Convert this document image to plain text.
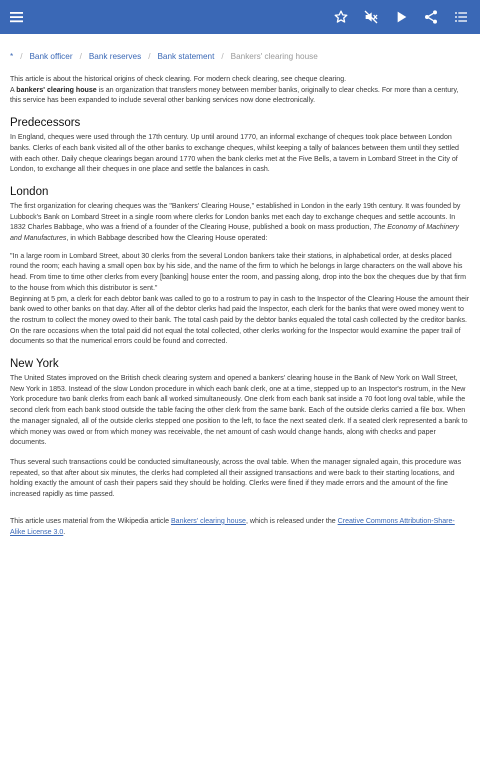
* / Bank officer / Bank reserves / Bank statement / Bankers' clearing house

This article is about the historical origins of check clearing. For modern check clearing, see cheque clearing.

A bankers' clearing house is an organization that transfers money between member banks, originally to clear checks. For more than a century, this service has been expanded to include several other banking services now done electronically.

Predecessors

In England, cheques were used through the 17th century. Up until around 1770, an informal exchange of cheques took place between London banks. Clerks of each bank visited all of the other banks to exchange cheques, whilst keeping a tally of balances between them until they settled with each other. Daily cheque clearings began around 1770 when the bank clerks met at the Five Bells, a tavern in Lombard Street in the City of London, to exchange all their cheques in one place and settle the balances in cash.

London

The first organization for clearing cheques was the "Bankers' Clearing House," established in London in the early 19th century. It was founded by Lubbock's Bank on Lombard Street in a single room where clerks for London banks met each day to exchange cheques and settle accounts. In 1832 Charles Babbage, who was a friend of a founder of the Clearing House, published a book on mass production, The Economy of Machinery and Manufactures, in which Babbage described how the Clearing House operated:

"In a large room in Lombard Street, about 30 clerks from the several London bankers take their stations, in alphabetical order, at desks placed round the room; each having a small open box by his side, and the name of the firm to which he belongs in large characters on the wall above his head. From time to time other clerks from every [banking] house enter the room, and passing along, drop into the box the cheques due by that firm to the house from which this distributor is sent."

Beginning at 5 pm, a clerk for each debtor bank was called to go to a rostrum to pay in cash to the Inspector of the Clearing House the amount their bank owed to other banks on that day. After all of the debtor clerks had paid the Inspector, each clerk for the banks that were owed money went to the rostrum to collect the money owed to their bank. The total cash paid by the debtor banks equaled the total cash collected by the creditor banks. On the rare occasions when the total paid did not equal the total collected, other clerks working for the Inspector would examine the paper trail of documents so that the numerical errors could be found and corrected.

New York

The United States improved on the British check clearing system and opened a bankers' clearing house in the Bank of New York on Wall Street, New York in 1853. Instead of the slow London procedure in which each bank clerk, one at a time, stepped up to an Inspector's rostrum, in the New York procedure two bank clerks from each bank all worked simultaneously. One clerk from each bank sat inside a 70 foot long oval table, while the second clerk from each bank stood outside the table facing the other clerk from the same bank. Each of the outside clerks carried a file box. When the manager signaled, all of the outside clerks stepped one position to the left, to face the next seated clerk. If a seated clerk represented a bank to which money was owed or from which money was receivable, the net amount of cash would change hands, along with checks and paper documents.

Thus several such transactions could be conducted simultaneously, across the oval table. When the manager signaled again, this procedure was repeated, so that after about six minutes, the clerks had completed all their assigned transactions and were back to their starting locations, and holding exactly the amount of cash their papers said they should be holding. Clerks were fined if they made errors and the amount of the fine increased rapidly as time passed.

This article uses material from the Wikipedia article Bankers' clearing house, which is released under the Creative Commons Attribution-Share-Alike License 3.0.
